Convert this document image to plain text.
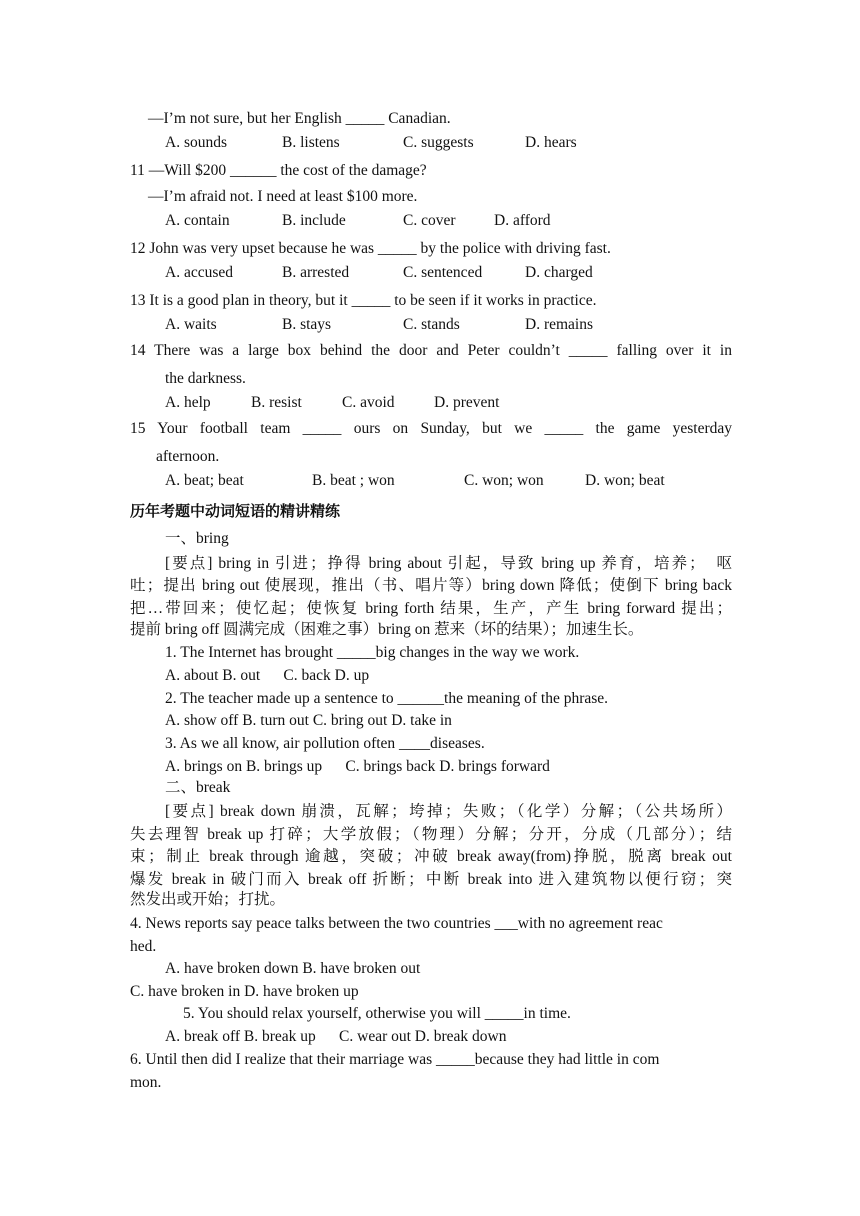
—I’m not sure, but her English _____ Canadian.
A. sounds	B. listens	C. suggests	D. hears
11 —Will $200 ______ the cost of the damage?
—I’m afraid not. I need at least $100 more.
A. contain	B. include	C. cover D. afford
12 John was very upset because he was _____ by the police with driving fast.
A. accused	B. arrested	C. sentenced	D. charged
13 It is a good plan in theory, but it _____ to be seen if it works in practice.
A. waits	B. stays	C. stands	D. remains
14 There was a large box behind the door and Peter couldn’t _____ falling over it in
the darkness.
A. help	B. resist	C. avoid	D. prevent
15 Your football team _____ ours on Sunday, but we _____ the game yesterday
afternoon.
A. beat; beat	B. beat ; won	C. won; won	D. won; beat
历年考题中动词短语的精讲精练
一、bring
[要点] bring in 引进；挣得 bring about 引起，导致 bring up 养育，培养；　呕
吐；提出 bring out 使展现，推出（书、唱片等）bring down 降低；使倒下 bring back
把…带回来；使忆起；使恢复 bring forth 结果，生产，产生 bring forward 提出；
提前 bring off 圆满完成（困难之事）bring on 惹来（坏的结果）；加速生长。
1. The Internet has brought _____big changes in the way we work.
A. about B. out      C. back D. up
2. The teacher made up a sentence to ______the meaning of the phrase.
A. show off B. turn out C. bring out D. take in
3. As we all know, air pollution often ____diseases.
A. brings on B. brings up      C. brings back D. brings forward
二、break
[要点] break down 崩溃，瓦解；垮掉；失败；（化学）分解；（公共场所）
失去理智 break up 打碎；大学放假；（物理）分解；分开，分成（几部分）；结
束；制止 break through 逾越，突破；冲破 break away(from)挣脱，脱离 break out
爆发 break in 破门而入 break off 折断；中断 break into 进入建筑物以便行窃；突
然发出或开始；打扰。
4. News reports say peace talks between the two countries ___with no agreement reac
hed.
A. have broken down B. have broken out
C. have broken in D. have broken up
5. You should relax yourself, otherwise you will _____in time.
A. break off B. break up      C. wear out D. break down
6. Until then did I realize that their marriage was _____because they had little in com
mon.
